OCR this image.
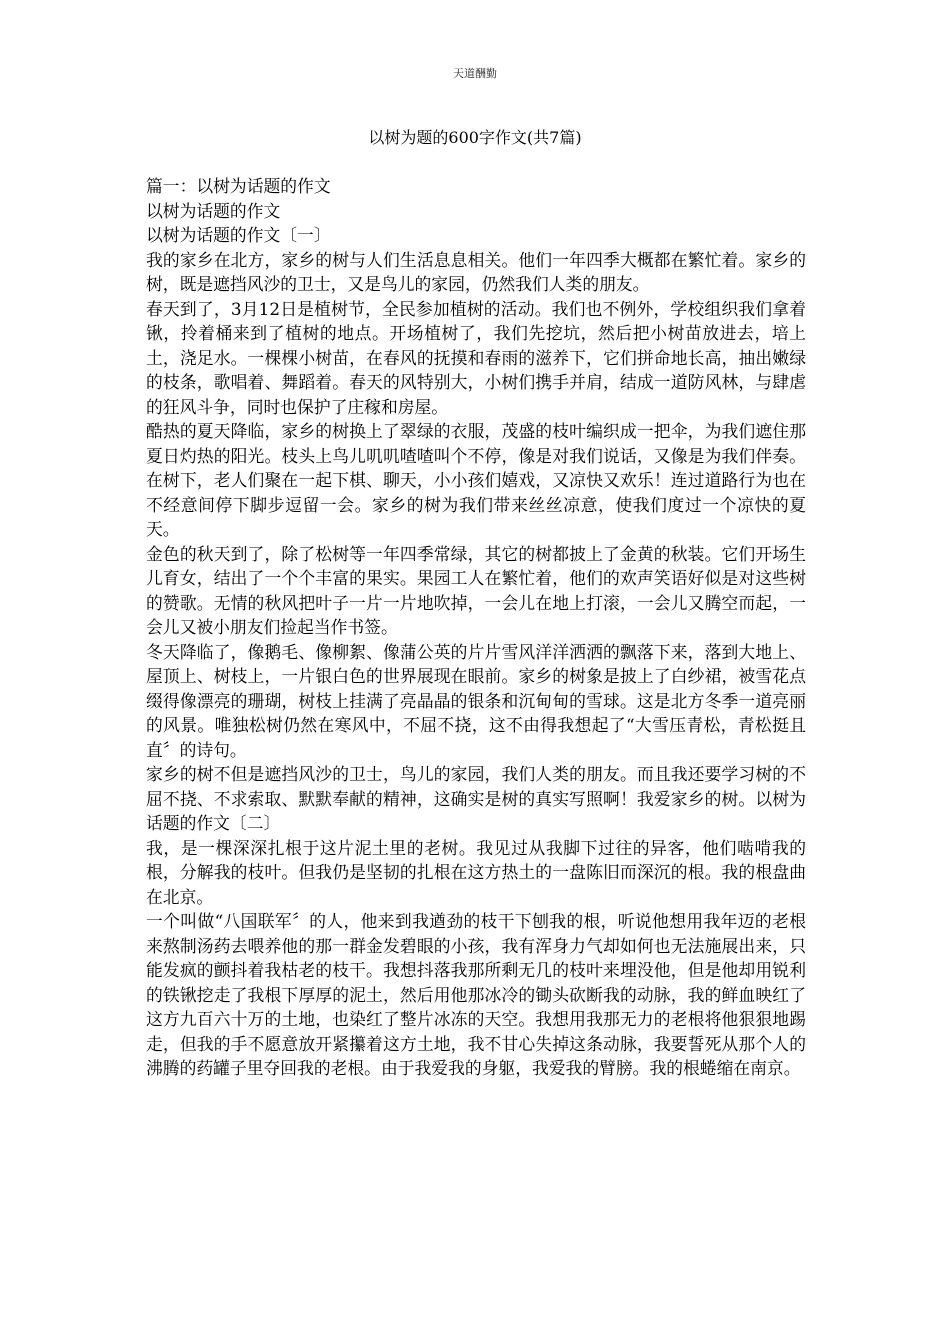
天道酬勤
以树为题的600字作文(共7篇)

篇一：以树为话题的作文

以树为话题的作文

以树为话题的作文〔一〕

我的家乡在北方，家乡的树与人们生活息息相关。他们一年四季大概都在繁忙着。家乡的树，既是遮挡风沙的卫士，又是鸟儿的家园，仍然我们人类的朋友。

春天到了，3月12日是植树节，全民参加植树的活动。我们也不例外，学校组织我们拿着锹，拎着桶来到了植树的地点。开场植树了，我们先挖坑，然后把小树苗放进去，培上土，浇足水。一棵棵小树苗，在春风的抚摸和春雨的滋养下，它们拼命地长高，抽出嫩绿的枝条，歌唱着、舞蹈着。春天的风特别大，小树们携手并肩，结成一道防风林，与肆虐的狂风斗争，同时也保护了庄稼和房屋。

酷热的夏天降临，家乡的树换上了翠绿的衣服，茂盛的枝叶编织成一把伞，为我们遮住那夏日灼热的阳光。枝头上鸟儿叽叽喳喳叫个不停，像是对我们说话，又像是为我们伴奏。在树下，老人们聚在一起下棋、聊天，小小孩们嬉戏，又凉快又欢乐！连过道路行为也在不经意间停下脚步逗留一会。家乡的树为我们带来丝丝凉意，使我们度过一个凉快的夏天。

金色的秋天到了，除了松树等一年四季常绿，其它的树都披上了金黄的秋装。它们开场生儿育女，结出了一个个丰富的果实。果园工人在繁忙着，他们的欢声笑语好似是对这些树的赞歌。无情的秋风把叶子一片一片地吹掉，一会儿在地上打滚，一会儿又腾空而起，一会儿又被小朋友们捡起当作书签。

冬天降临了，像鹅毛、像柳絮、像蒲公英的片片雪风洋洋洒洒的飘落下来，落到大地上、屋顶上、树枝上，一片银白色的世界展现在眼前。家乡的树象是披上了白纱裙，被雪花点缀得像漂亮的珊瑚，树枝上挂满了亮晶晶的银条和沉甸甸的雪球。这是北方冬季一道亮丽的风景。唯独松树仍然在寒风中，不屈不挠，这不由得我想起了“大雪压青松，青松挺且直〞的诗句。

家乡的树不但是遮挡风沙的卫士，鸟儿的家园，我们人类的朋友。而且我还要学习树的不屈不挠、不求索取、默默奉献的精神，这确实是树的真实写照啊！我爱家乡的树。以树为话题的作文〔二〕

我，是一棵深深扎根于这片泥土里的老树。我见过从我脚下过往的异客，他们啮啃我的根，分解我的枝叶。但我仍是坚韧的扎根在这方热土的一盘陈旧而深沉的根。我的根盘曲在北京。

一个叫做“八国联军〞的人，他来到我遒劲的枝干下刨我的根，听说他想用我年迈的老根来熬制汤药去喂养他的那一群金发碧眼的小孩，我有浑身力气却如何也无法施展出来，只能发疯的颤抖着我枯老的枝干。我想抖落我那所剩无几的枝叶来埋没他，但是他却用锐利的铁锹挖走了我根下厚厚的泥土，然后用他那冰冷的锄头砍断我的动脉，我的鲜血映红了这方九百六十万的土地，也染红了整片冰冻的天空。我想用我那无力的老根将他狠狠地踢走，但我的手不愿意放开紧攥着这方土地，我不甘心失掉这条动脉，我要誓死从那个人的沸腾的药罐子里夺回我的老根。由于我爱我的身躯，我爱我的臂膀。我的根蜷缩在南京。
